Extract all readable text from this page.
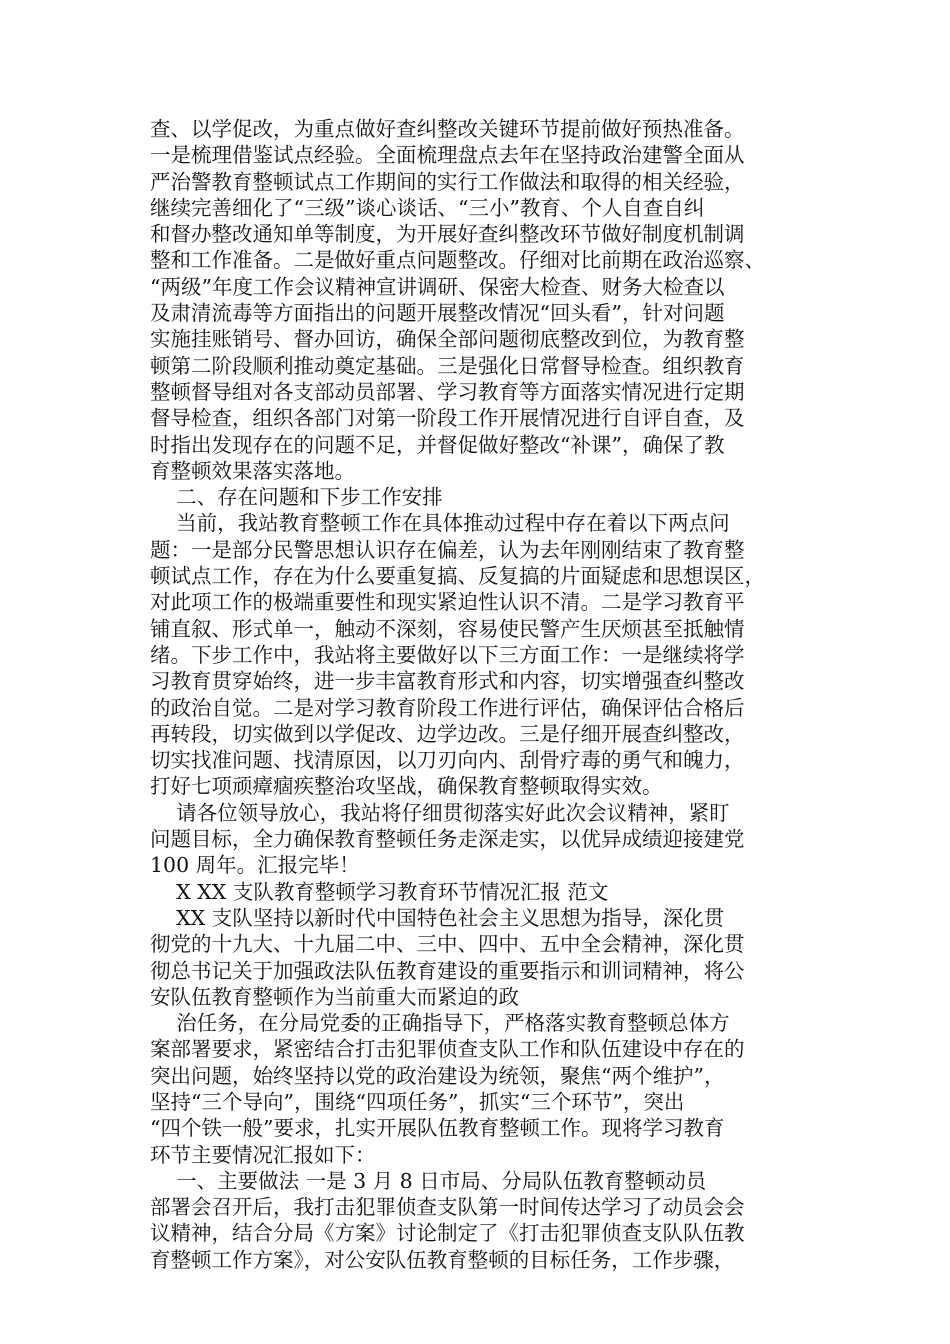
查、以学促改，为重点做好查纠整改关键环节提前做好预热准备。
一是梳理借鉴试点经验。全面梳理盘点去年在坚持政治建警全面从
严治警教育整顿试点工作期间的实行工作做法和取得的相关经验，
继续完善细化了“三级”谈心谈话、“三小”教育、个人自查自纠
和督办整改通知单等制度，为开展好查纠整改环节做好制度机制调
整和工作准备。二是做好重点问题整改。仔细对比前期在政治巡察、
“两级”年度工作会议精神宣讲调研、保密大检查、财务大检查以
及肃清流毒等方面指出的问题开展整改情况“回头看”，针对问题
实施挂账销号、督办回访，确保全部问题彻底整改到位，为教育整
顿第二阶段顺利推动奠定基础。三是强化日常督导检查。组织教育
整顿督导组对各支部动员部署、学习教育等方面落实情况进行定期
督导检查，组织各部门对第一阶段工作开展情况进行自评自查，及
时指出发现存在的问题不足，并督促做好整改“补课”，确保了教
育整顿效果落实落地。
二、存在问题和下步工作安排
当前，我站教育整顿工作在具体推动过程中存在着以下两点问
题：一是部分民警思想认识存在偏差，认为去年刚刚结束了教育整
顿试点工作，存在为什么要重复搞、反复搞的片面疑虑和思想误区，
对此项工作的极端重要性和现实紧迫性认识不清。二是学习教育平
铺直叙、形式单一，触动不深刻，容易使民警产生厌烦甚至抵触情
绪。下步工作中，我站将主要做好以下三方面工作：一是继续将学
习教育贯穿始终，进一步丰富教育形式和内容，切实增强查纠整改
的政治自觉。二是对学习教育阶段工作进行评估，确保评估合格后
再转段，切实做到以学促改、边学边改。三是仔细开展查纠整改，
切实找准问题、找清原因，以刀刃向内、刮骨疗毒的勇气和魄力，
打好七项顽瘴痼疾整治攻坚战，确保教育整顿取得实效。
请各位领导放心，我站将仔细贯彻落实好此次会议精神，紧盯
问题目标，全力确保教育整顿任务走深走实，以优异成绩迎接建党
100 周年。汇报完毕！
X XX 支队教育整顿学习教育环节情况汇报 范文
XX 支队坚持以新时代中国特色社会主义思想为指导，深化贯
彻党的十九大、十九届二中、三中、四中、五中全会精神，深化贯
彻总书记关于加强政法队伍教育建设的重要指示和训词精神，将公
安队伍教育整顿作为当前重大而紧迫的政
治任务，在分局党委的正确指导下，严格落实教育整顿总体方
案部署要求，紧密结合打击犯罪侦查支队工作和队伍建设中存在的
突出问题，始终坚持以党的政治建设为统领，聚焦“两个维护”，
坚持“三个导向”，围绕“四项任务”，抓实“三个环节”，突出
“四个铁一般”要求，扎实开展队伍教育整顿工作。现将学习教育
环节主要情况汇报如下：
一、主要做法 一是 3 月 8 日市局、分局队伍教育整顿动员
部署会召开后，我打击犯罪侦查支队第一时间传达学习了动员会会
议精神，结合分局《方案》讨论制定了《打击犯罪侦查支队队伍教
育整顿工作方案》，对公安队伍教育整顿的目标任务，工作步骤，
